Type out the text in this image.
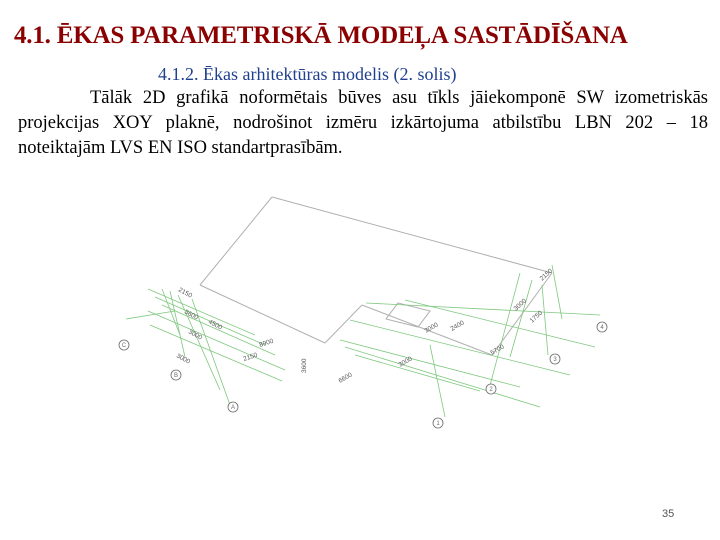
4.1. ĒKAS PARAMETRISKĀ MODEĻA SASTĀDĪŠANA
4.1.2. Ēkas arhitektūras modelis (2. solis)
Tālāk 2D grafikā noformētais būves asu tīkls jāiekomponē SW izometriskās projekcijas XOY plaknē, nodrošinot izmēru izkārtojuma atbilstību LBN 202 – 18 noteiktajām LVS EN ISO standartprasībām.
A
B
C
1
2
3
4
2150
3600
4500
3000
8900
3000	2150
3600
6600
3000
3000 2400
5700
1750
2150
3000
35
